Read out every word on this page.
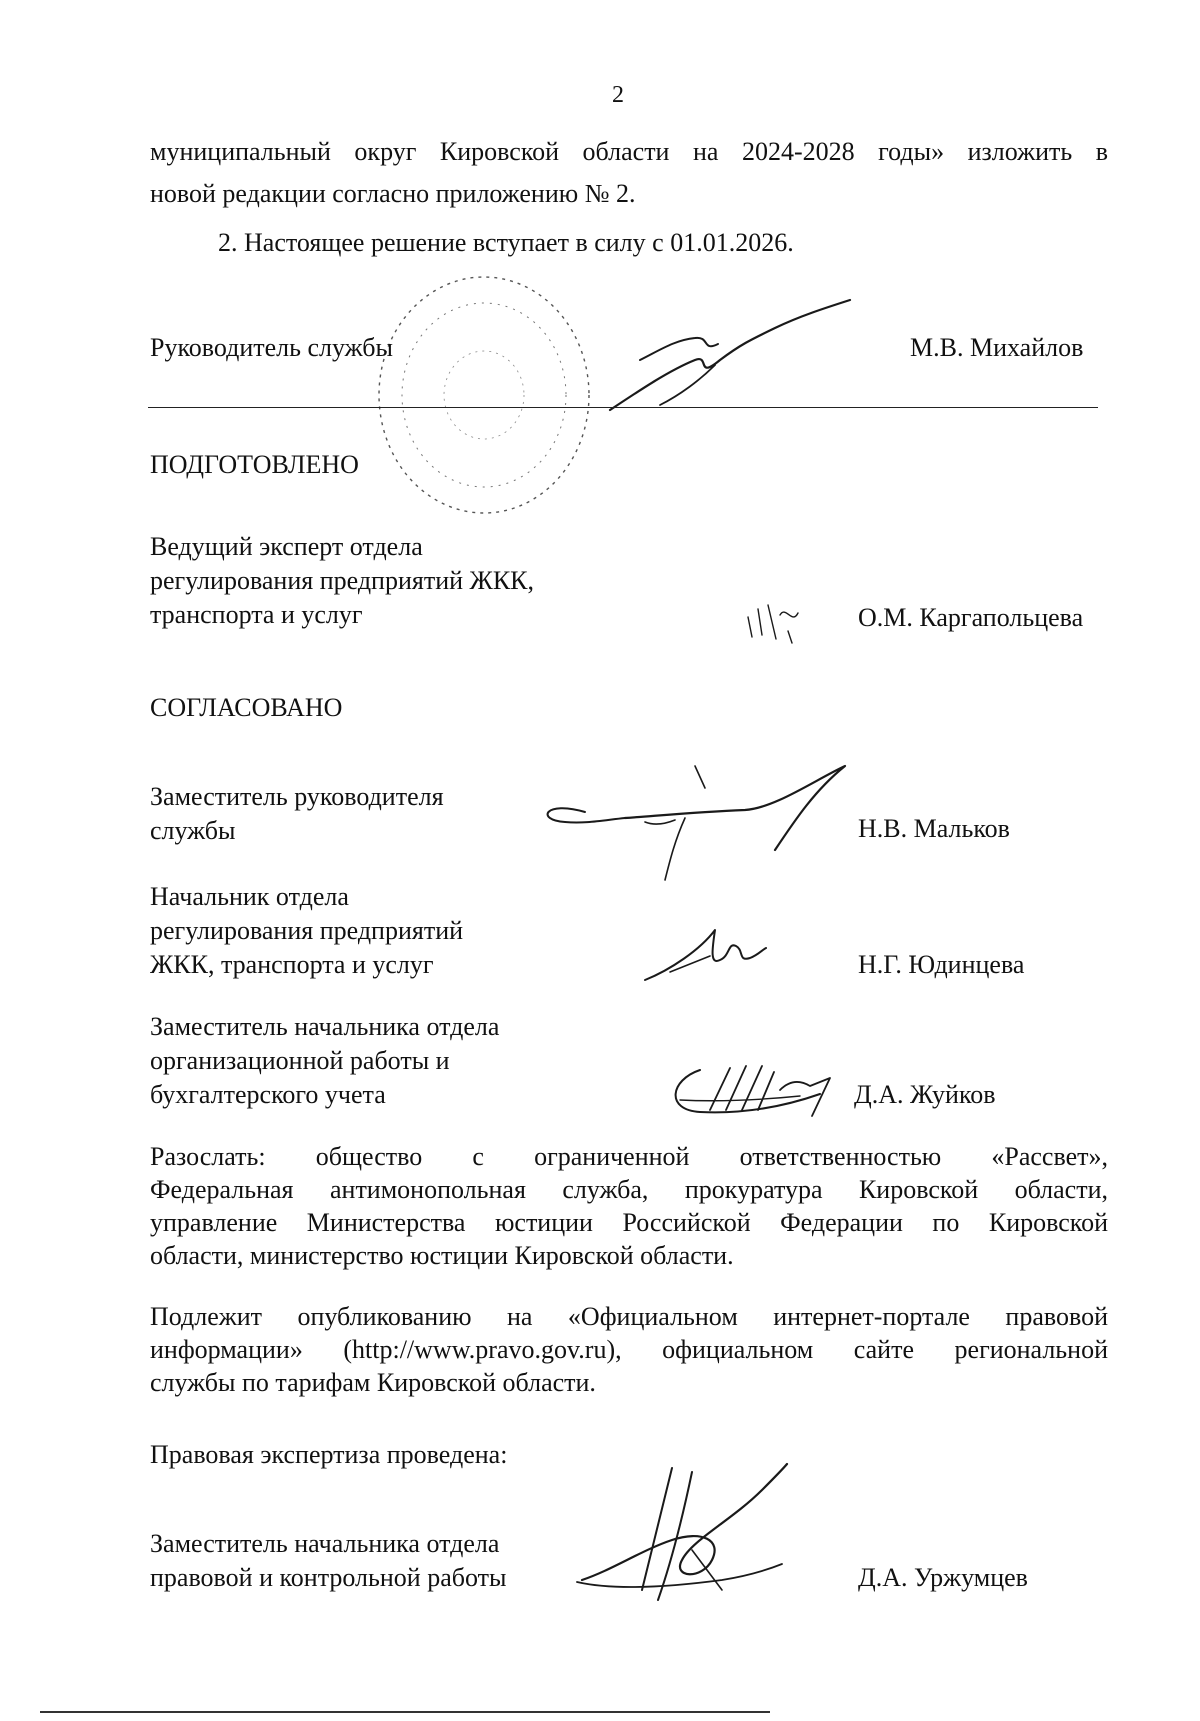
2
муниципальный округ Кировской области на 2024-2028 годы» изложить в
новой редакции согласно приложению № 2.
2. Настоящее решение вступает в силу с 01.01.2026.
Руководитель службы	М.В. Михайлов
ПОДГОТОВЛЕНО
Ведущий эксперт отдела
регулирования предприятий ЖКК,
транспорта и услуг	О.М. Каргапольцева
СОГЛАСОВАНО
Заместитель руководителя
службы	Н.В. Мальков
Начальник отдела
регулирования предприятий
ЖКК, транспорта и услуг	Н.Г. Юдинцева
Заместитель начальника отдела
организационной работы и
бухгалтерского учета	Д.А. Жуйков
Разослать: общество с ограниченной ответственностью «Рассвет»,
Федеральная антимонопольная служба, прокуратура Кировской области,
управление Министерства юстиции Российской Федерации по Кировской
области, министерство юстиции Кировской области.
Подлежит опубликованию на «Официальном интернет-портале правовой
информации» (http://www.pravo.gov.ru), официальном сайте региональной
службы по тарифам Кировской области.
Правовая экспертиза проведена:
Заместитель начальника отдела
правовой и контрольной работы	Д.А. Уржумцев
